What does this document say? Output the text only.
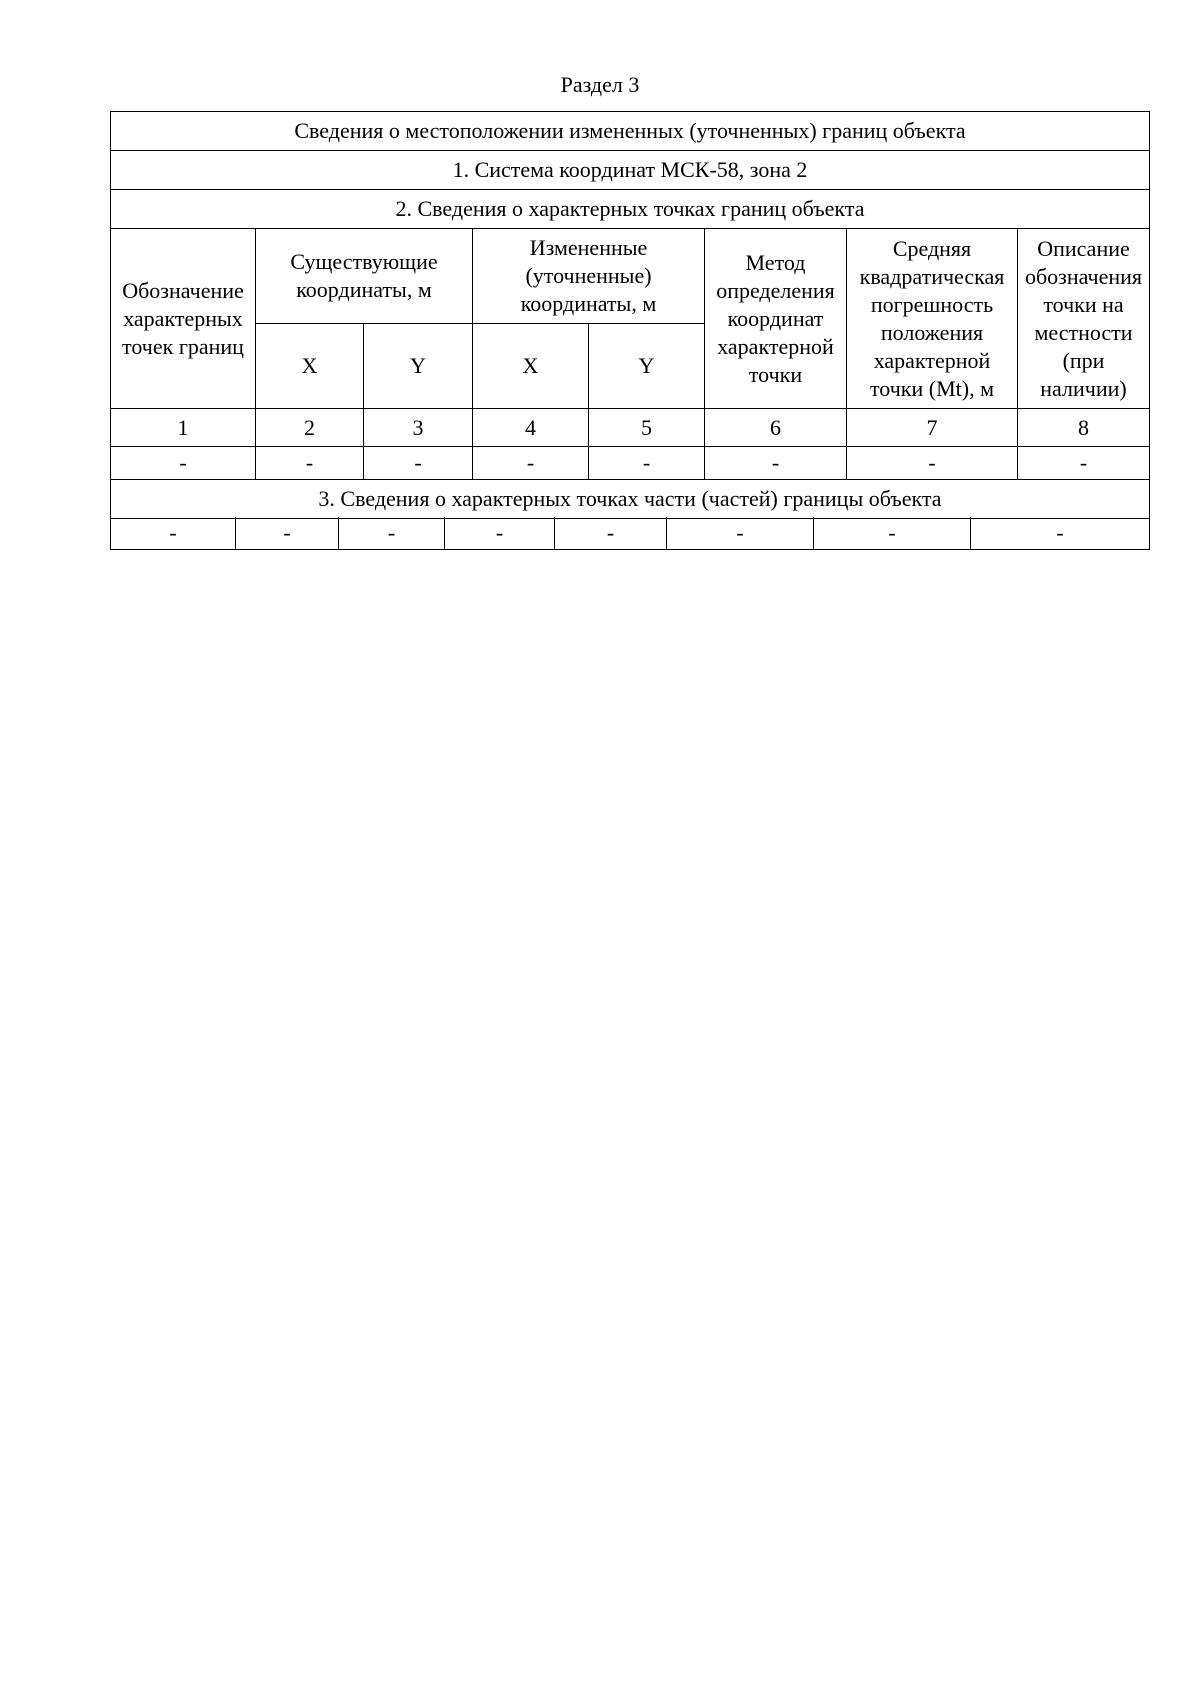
Раздел 3
Сведения о местоположении измененных (уточненных) границ объекта							
1. Система координат МСК-58, зона 2							
2. Сведения о характерных точках границ объекта							
Обозначение характерных точек границ	Существующие координаты, м		Измененные (уточненные) координаты, м		Метод определения координат характерной точки	Средняя квадратическая погрешность положения характерной точки (Mt), м	Описание обозначения точки на местности (при наличии)
	X	Y	X	Y			
1	2	3	4	5	6	7	8
-	-	-	-	-	-	-	-
3. Сведения о характерных точках части (частей) границы объекта							
-	-	-	-	-	-	-	-
